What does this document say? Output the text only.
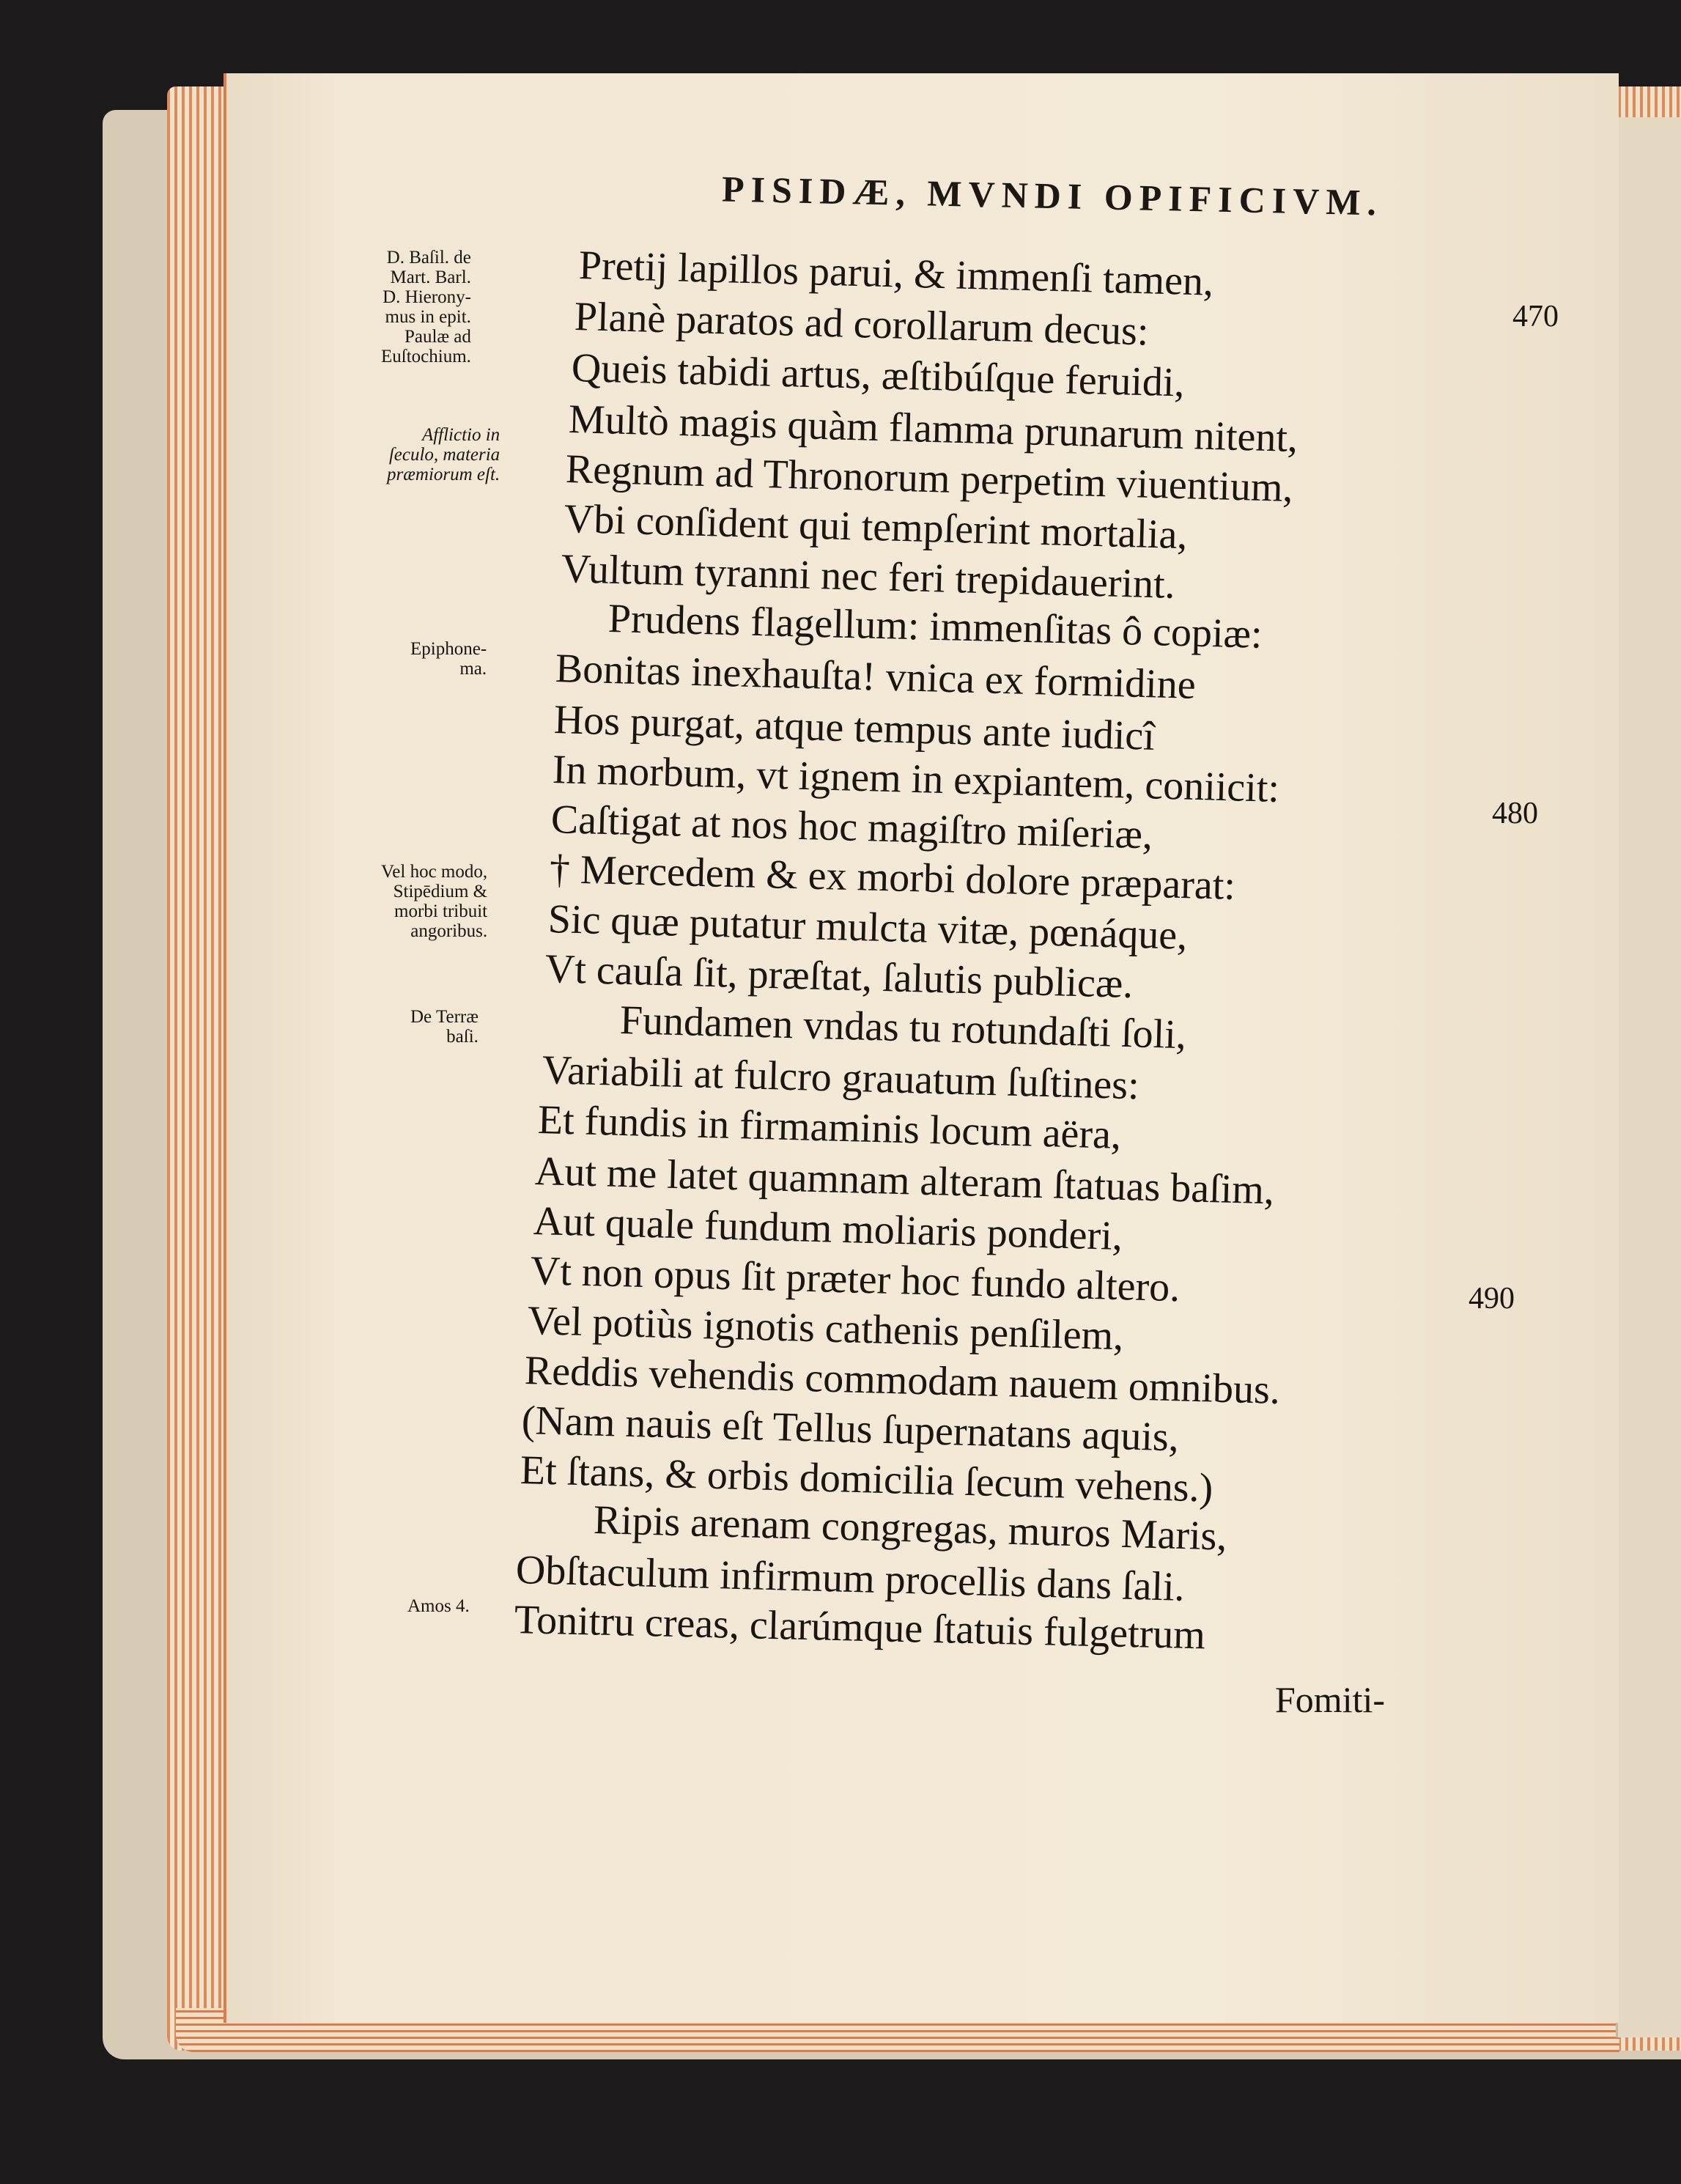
PISIDÆ, MVNDI OPIFICIVM.
D. Baſil. de
Mart. Barl.
D. Hierony-
mus in epit.
Paulæ ad
Euſtochium.
Afflictio in
ſeculo, materia
præmiorum eſt.
Epiphone-
ma.
Vel hoc modo,
Stipēdium &
morbi tribuit
angoribus.
De Terræ
baſi.
Amos 4.
Pretij lapillos parui, & immenſi tamen,
Planè paratos ad corollarum decus:
Queis tabidi artus, æſtibúſque feruidi,
Multò magis quàm flamma prunarum nitent,
Regnum ad Thronorum perpetim viuentium,
Vbi conſident qui tempſerint mortalia,
Vultum tyranni nec feri trepidauerint.
Prudens flagellum: immenſitas ô copiæ:
Bonitas inexhauſta! vnica ex formidine
Hos purgat, atque tempus ante iudicî
In morbum, vt ignem in expiantem, coniicit:
Caſtigat at nos hoc magiſtro miſeriæ,
† Mercedem & ex morbi dolore præparat:
Sic quæ putatur mulcta vitæ, pœnáque,
Vt cauſa ſit, præſtat, ſalutis publicæ.
Fundamen vndas tu rotundaſti ſoli,
Variabili at fulcro grauatum ſuſtines:
Et fundis in firmaminis locum aëra,
Aut me latet quamnam alteram ſtatuas baſim,
Aut quale fundum moliaris ponderi,
Vt non opus ſit præter hoc fundo altero.
Vel potiùs ignotis cathenis penſilem,
Reddis vehendis commodam nauem omnibus.
(Nam nauis eſt Tellus ſupernatans aquis,
Et ſtans, & orbis domicilia ſecum vehens.)
Ripis arenam congregas, muros Maris,
Obſtaculum infirmum procellis dans ſali.
Tonitru creas, clarúmque ſtatuis fulgetrum
Fomiti-
470
480
490
